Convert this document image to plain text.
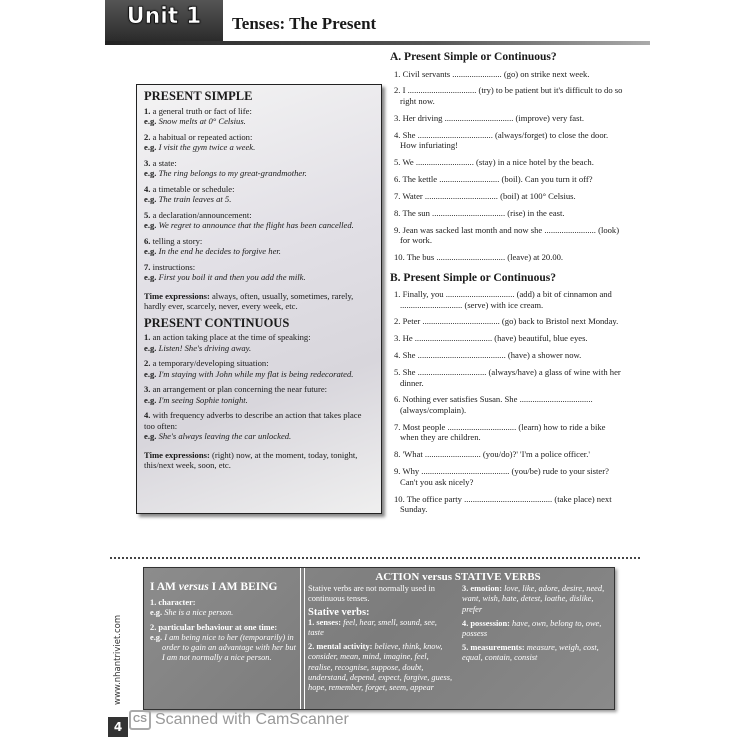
Unit 1	Tenses: The Present
PRESENT SIMPLE
1. a general truth or fact of life:
e.g. Snow melts at 0° Celsius.
2. a habitual or repeated action:
e.g. I visit the gym twice a week.
3. a state:
e.g. The ring belongs to my great-grandmother.
4. a timetable or schedule:
e.g. The train leaves at 5.
5. a declaration/announcement:
e.g. We regret to announce that the flight has been cancelled.
6. telling a story:
e.g. In the end he decides to forgive her.
7. instructions:
e.g. First you boil it and then you add the milk.
Time expressions: always, often, usually, sometimes, rarely, hardly ever, scarcely, never, every week, etc.
PRESENT CONTINUOUS
1. an action taking place at the time of speaking:
e.g. Listen! She's driving away.
2. a temporary/developing situation:
e.g. I'm staying with John while my flat is being redecorated.
3. an arrangement or plan concerning the near future:
e.g. I'm seeing Sophie tonight.
4. with frequency adverbs to describe an action that takes place too often:
e.g. She's always leaving the car unlocked.
Time expressions: (right) now, at the moment, today, tonight, this/next week, soon, etc.
A. Present Simple or Continuous?
1. Civil servants ....................... (go) on strike next week.
2. I ................................ (try) to be patient but it's difficult to do so right now.
3. Her driving ................................ (improve) very fast.
4. She ................................... (always/forget) to close the door. How infuriating!
5. We ........................... (stay) in a nice hotel by the beach.
6. The kettle ............................ (boil). Can you turn it off?
7. Water .................................. (boil) at 100° Celsius.
8. The sun .................................. (rise) in the east.
9. Jean was sacked last month and now she ........................ (look) for work.
10. The bus ................................ (leave) at 20.00.
B. Present Simple or Continuous?
1. Finally, you ................................ (add) a bit of cinnamon and ............................. (serve) with ice cream.
2. Peter .................................... (go) back to Bristol next Monday.
3. He .................................... (have) beautiful, blue eyes.
4. She ......................................... (have) a shower now.
5. She ................................ (always/have) a glass of wine with her dinner.
6. Nothing ever satisfies Susan. She .................................. (always/complain).
7. Most people ................................ (learn) how to ride a bike when they are children.
8. 'What .......................... (you/do)?' 'I'm a police officer.'
9. Why ......................................... (you/be) rude to your sister? Can't you ask nicely?
10. The office party ......................................... (take place) next Sunday.
I AM versus I AM BEING
1. character:
e.g. She is a nice person.
2. particular behaviour at one time:
e.g. I am being nice to her (temporarily) in order to gain an advantage with her but I am not normally a nice person.
ACTION versus STATIVE VERBS
Stative verbs are not normally used in continuous tenses.
Stative verbs:
1. senses: feel, hear, smell, sound, see, taste
2. mental activity: believe, think, know, consider, mean, mind, imagine, feel, realise, recognise, suppose, doubt, understand, depend, expect, forgive, guess, hope, remember, forget, seem, appear
3. emotion: love, like, adore, desire, need, want, wish, hate, detest, loathe, dislike, prefer
4. possession: have, own, belong to, owe, possess
5. measurements: measure, weigh, cost, equal, contain, consist
www.nhantriviet.com
4
CS Scanned with CamScanner
